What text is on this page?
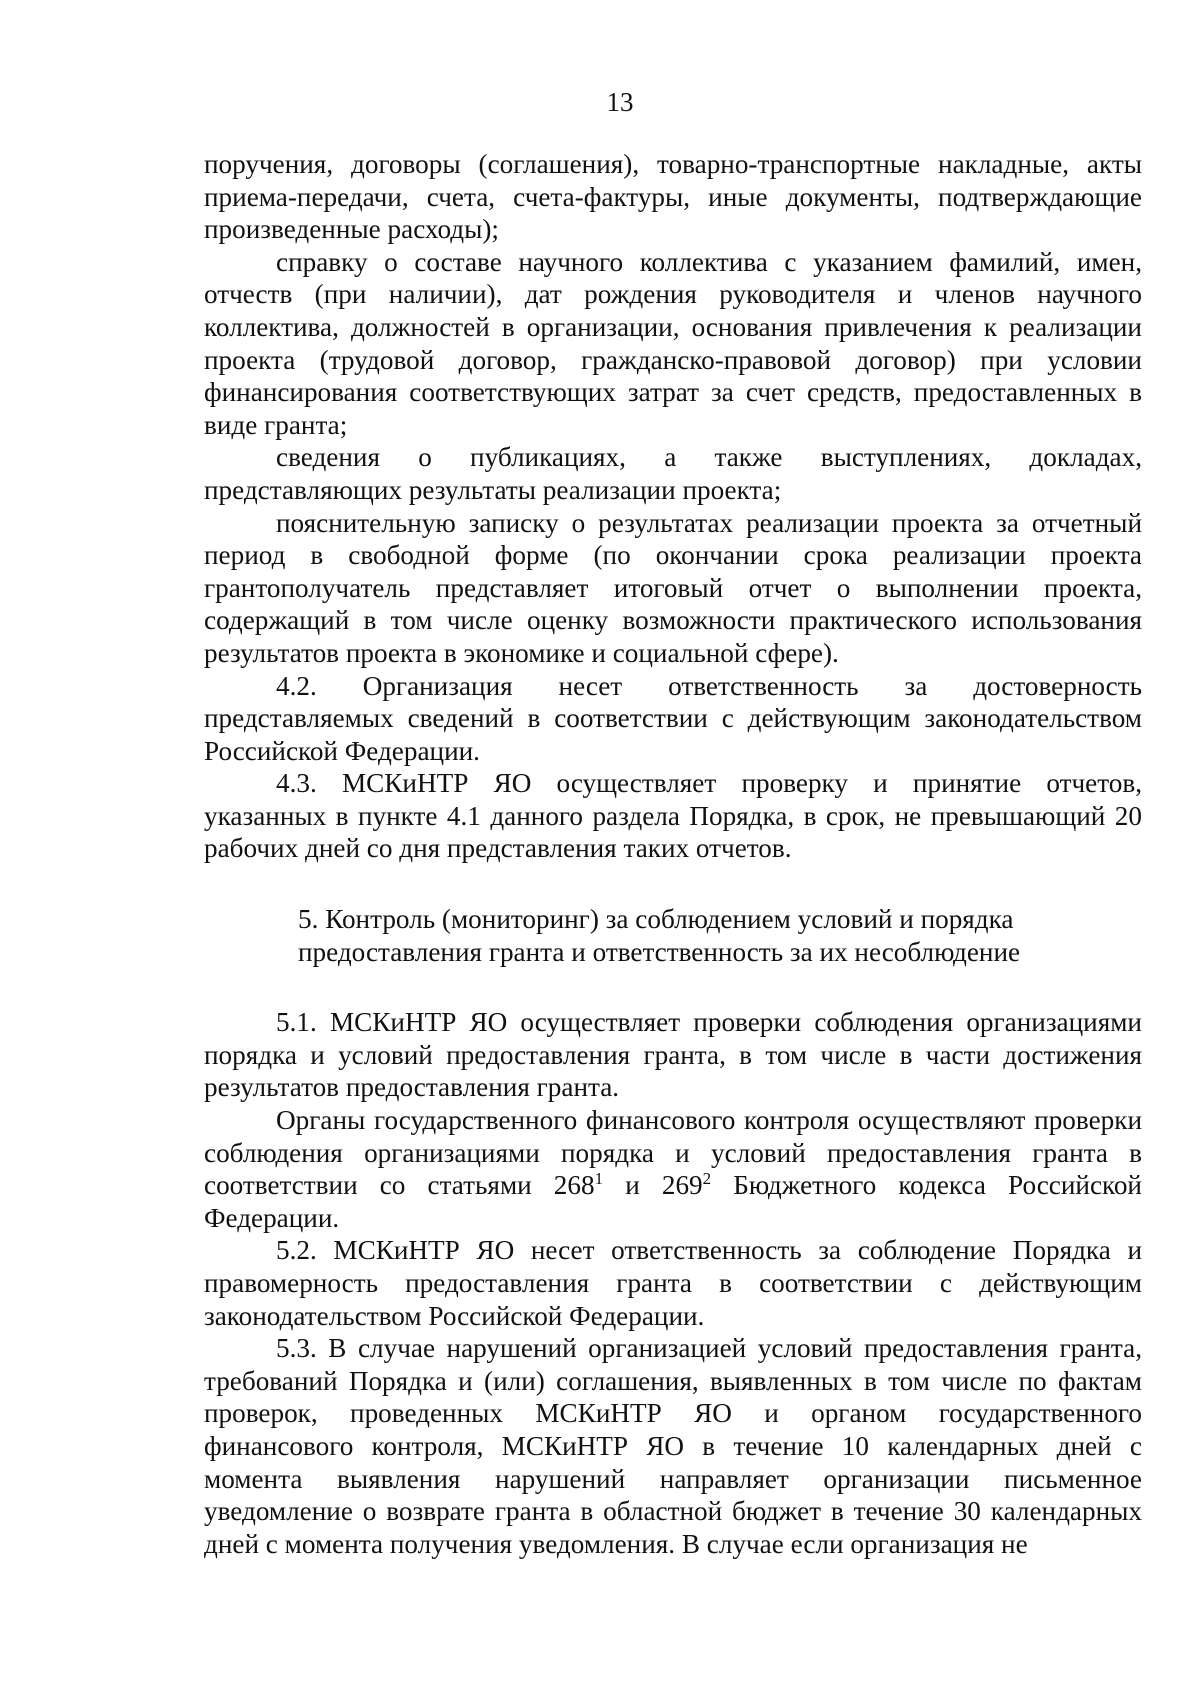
13

поручения, договоры (соглашения), товарно-транспортные накладные, акты приема-передачи, счета, счета-фактуры, иные документы, подтверждающие произведенные расходы);

справку о составе научного коллектива с указанием фамилий, имен, отчеств (при наличии), дат рождения руководителя и членов научного коллектива, должностей в организации, основания привлечения к реализации проекта (трудовой договор, гражданско-правовой договор) при условии финансирования соответствующих затрат за счет средств, предоставленных в виде гранта;

сведения о публикациях, а также выступлениях, докладах, представляющих результаты реализации проекта;

пояснительную записку о результатах реализации проекта за отчетный период в свободной форме (по окончании срока реализации проекта грантополучатель представляет итоговый отчет о выполнении проекта, содержащий в том числе оценку возможности практического использования результатов проекта в экономике и социальной сфере).

4.2. Организация несет ответственность за достоверность представляемых сведений в соответствии с действующим законодательством Российской Федерации.

4.3. МСКиНТР ЯО осуществляет проверку и принятие отчетов, указанных в пункте 4.1 данного раздела Порядка, в срок, не превышающий 20 рабочих дней со дня представления таких отчетов.

5. Контроль (мониторинг) за соблюдением условий и порядка
предоставления гранта и ответственность за их несоблюдение

5.1. МСКиНТР ЯО осуществляет проверки соблюдения организациями порядка и условий предоставления гранта, в том числе в части достижения результатов предоставления гранта.

Органы государственного финансового контроля осуществляют проверки соблюдения организациями порядка и условий предоставления гранта в соответствии со статьями $268^1$ и $269^2$ Бюджетного кодекса Российской Федерации.

5.2. МСКиНТР ЯО несет ответственность за соблюдение Порядка и правомерность предоставления гранта в соответствии с действующим законодательством Российской Федерации.

5.3. В случае нарушений организацией условий предоставления гранта, требований Порядка и (или) соглашения, выявленных в том числе по фактам проверок, проведенных МСКиНТР ЯО и органом государственного финансового контроля, МСКиНТР ЯО в течение 10 календарных дней с момента выявления нарушений направляет организации письменное уведомление о возврате гранта в областной бюджет в течение 30 календарных дней с момента получения уведомления. В случае если организация не
